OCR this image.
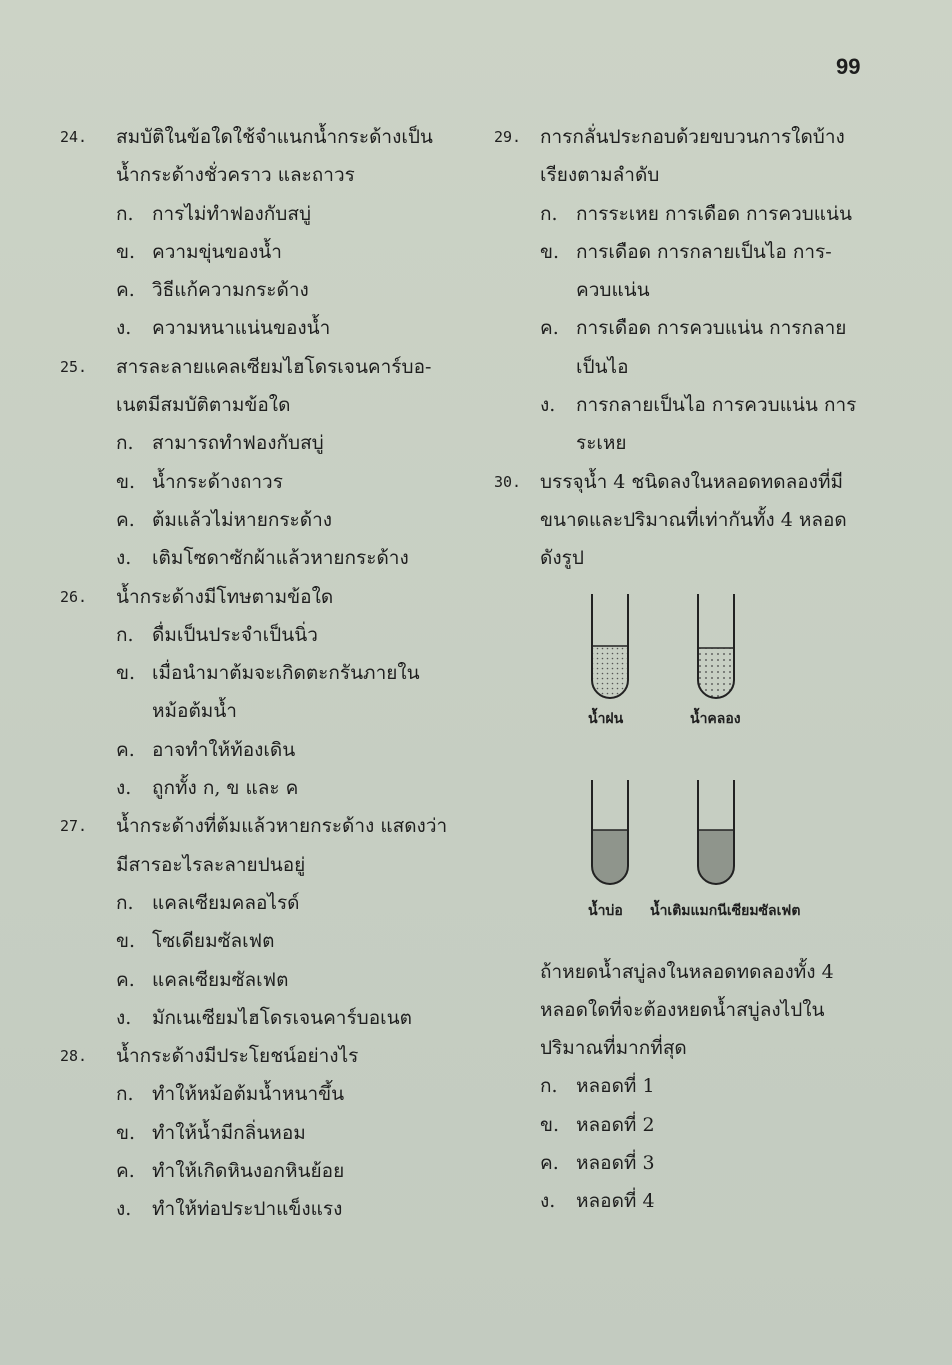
99
24.	สมบัติในข้อใดใช้จำแนกน้ำกระด้างเป็น น้ำกระด้างชั่วคราว และถาวร
ก. การไม่ทำฟองกับสบู่
ข. ความขุ่นของน้ำ
ค. วิธีแก้ความกระด้าง
ง.	ความหนาแน่นของน้ำ
25.	สารละลายแคลเซียมไฮโดรเจนคาร์บอ- เนตมีสมบัติตามข้อใด
ก. สามารถทำฟองกับสบู่
ข. น้ำกระด้างถาวร
ค. ต้มแล้วไม่หายกระด้าง
ง.	เติมโซดาซักผ้าแล้วหายกระด้าง
26.	น้ำกระด้างมีโทษตามข้อใด
ก. ดื่มเป็นประจำเป็นนิ่ว
ข. เมื่อนำมาต้มจะเกิดตะกรันภายใน หม้อต้มน้ำ
ค. อาจทำให้ท้องเดิน
ง.	ถูกทั้ง ก, ข และ ค
27.	น้ำกระด้างที่ต้มแล้วหายกระด้าง แสดงว่า มีสารอะไรละลายปนอยู่
ก. แคลเซียมคลอไรด์
ข. โซเดียมซัลเฟต
ค. แคลเซียมซัลเฟต
ง.	มักเนเซียมไฮโดรเจนคาร์บอเนต
28.	น้ำกระด้างมีประโยชน์อย่างไร
ก. ทำให้หม้อต้มน้ำหนาขึ้น
ข. ทำให้น้ำมีกลิ่นหอม
ค. ทำให้เกิดหินงอกหินย้อย
ง.	ทำให้ท่อประปาแข็งแรง
29. การกลั่นประกอบด้วยขบวนการใดบ้าง เรียงตามลำดับ
ก. การระเหย การเดือด การควบแน่น
ข. การเดือด การกลายเป็นไอ การ- ควบแน่น
ค. การเดือด การควบแน่น การกลาย เป็นไอ
ง.	การกลายเป็นไอ การควบแน่น การ ระเหย
30. บรรจุน้ำ 4 ชนิดลงในหลอดทดลองที่มี ขนาดและปริมาณที่เท่ากันทั้ง 4 หลอด ดังรูป
น้ำฝน	น้ำคลอง
น้ำบ่อ น้ำเติมแมกนีเซียมซัลเฟต
ถ้าหยดน้ำสบู่ลงในหลอดทดลองทั้ง 4 หลอดใดที่จะต้องหยดน้ำสบู่ลงไปใน ปริมาณที่มากที่สุด
ก. หลอดที่ 1
ข. หลอดที่ 2
ค. หลอดที่ 3
ง.	หลอดที่ 4
